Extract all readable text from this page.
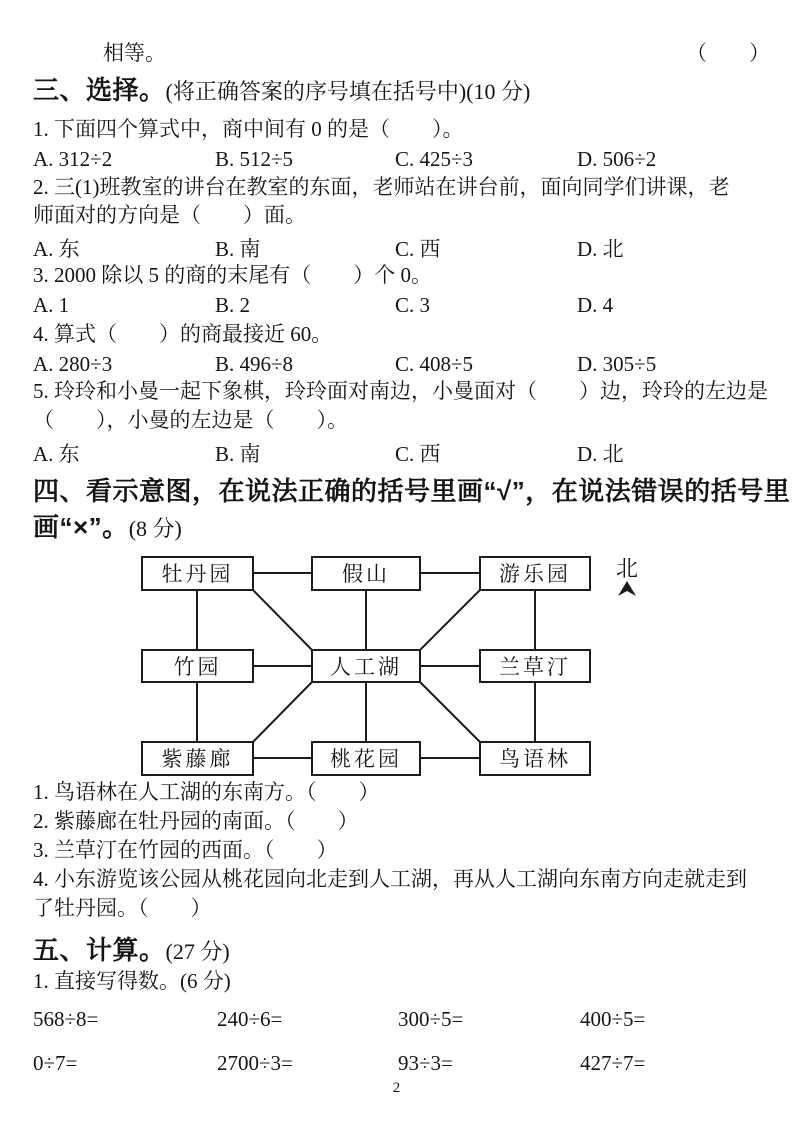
相等。	（　　）
三、选择。(将正确答案的序号填在括号中)(10 分)
1. 下面四个算式中，商中间有 0 的是（　　）。
A. 312÷2	B. 512÷5	C. 425÷3	D. 506÷2
2. 三(1)班教室的讲台在教室的东面，老师站在讲台前，面向同学们讲课，老
师面对的方向是（　　）面。
A. 东	B. 南	C. 西	D. 北
3. 2000 除以 5 的商的末尾有（　　）个 0。
A. 1	B. 2	C. 3	D. 4
4. 算式（　　）的商最接近 60。
A. 280÷3	B. 496÷8	C. 408÷5	D. 305÷5
5. 玲玲和小曼一起下象棋，玲玲面对南边，小曼面对（　　）边，玲玲的左边是
（　　），小曼的左边是（　　）。
A. 东	B. 南	C. 西	D. 北
四、看示意图，在说法正确的括号里画“√”，在说法错误的括号里
画“×”。(8 分)
牡丹园	假山	游乐园
竹园	人工湖	兰草汀
紫藤廊	桃花园	鸟语林
北
1. 鸟语林在人工湖的东南方。（　　）
2. 紫藤廊在牡丹园的南面。（　　）
3. 兰草汀在竹园的西面。（　　）
4. 小东游览该公园从桃花园向北走到人工湖，再从人工湖向东南方向走就走到
了牡丹园。（　　）
五、计算。(27 分)
1. 直接写得数。(6 分)
568÷8=	240÷6=	300÷5=	400÷5=
0÷7=	2700÷3=	93÷3=	427÷7=
2
